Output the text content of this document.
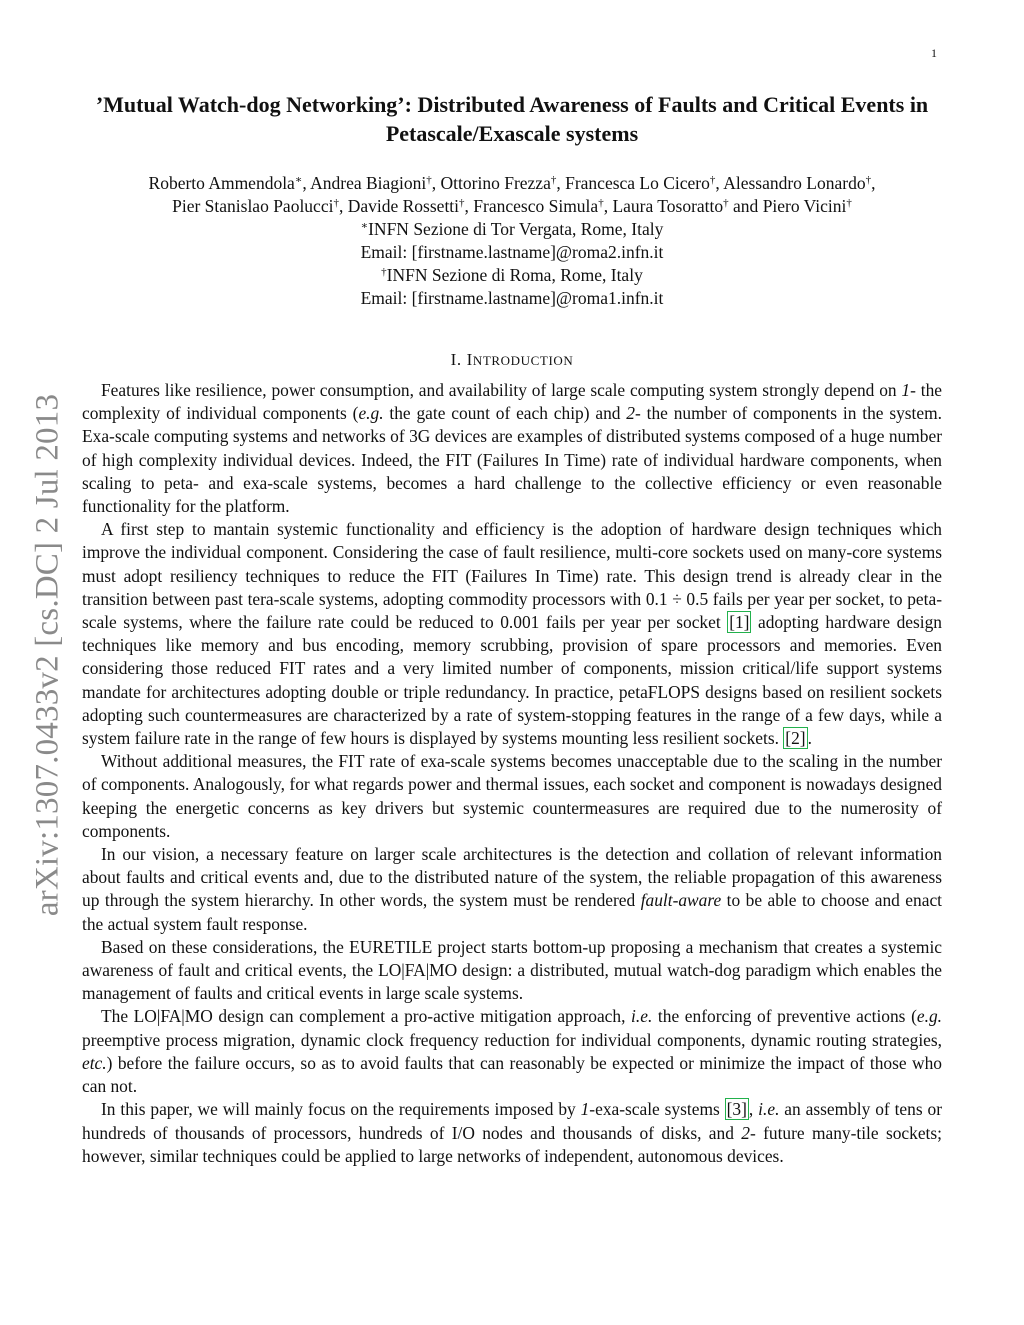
1
arXiv:1307.0433v2 [cs.DC] 2 Jul 2013
’Mutual Watch-dog Networking’: Distributed Awareness of Faults and Critical Events in Petascale/Exascale systems
Roberto Ammendola∗, Andrea Biagioni†, Ottorino Frezza†, Francesca Lo Cicero†, Alessandro Lonardo†,
Pier Stanislao Paolucci†, Davide Rossetti†, Francesco Simula†, Laura Tosoratto† and Piero Vicini†
∗INFN Sezione di Tor Vergata, Rome, Italy
Email: [firstname.lastname]@roma2.infn.it
†INFN Sezione di Roma, Rome, Italy
Email: [firstname.lastname]@roma1.infn.it
I. INTRODUCTION

Features like resilience, power consumption, and availability of large scale computing system strongly depend on 1- the complexity of individual components (e.g. the gate count of each chip) and 2- the number of components in the system. Exa-scale computing systems and networks of 3G devices are examples of distributed systems composed of a huge number of high complexity individual devices. Indeed, the FIT (Failures In Time) rate of individual hardware components, when scaling to peta- and exa-scale systems, becomes a hard challenge to the collective efficiency or even reasonable functionality for the platform.

A first step to mantain systemic functionality and efficiency is the adoption of hardware design techniques which improve the individual component. Considering the case of fault resilience, multi-core sockets used on many-core systems must adopt resiliency techniques to reduce the FIT (Failures In Time) rate. This design trend is already clear in the transition between past tera-scale systems, adopting commodity processors with 0.1 ÷ 0.5 fails per year per socket, to peta-scale systems, where the failure rate could be reduced to 0.001 fails per year per socket [1] adopting hardware design techniques like memory and bus encoding, memory scrubbing, provision of spare processors and memories. Even considering those reduced FIT rates and a very limited number of components, mission critical/life support systems mandate for architectures adopting double or triple redundancy. In practice, petaFLOPS designs based on resilient sockets adopting such countermeasures are characterized by a rate of system-stopping features in the range of a few days, while a system failure rate in the range of few hours is displayed by systems mounting less resilient sockets. [2] .

Without additional measures, the FIT rate of exa-scale systems becomes unacceptable due to the scaling in the number of components. Analogously, for what regards power and thermal issues, each socket and component is nowadays designed keeping the energetic concerns as key drivers but systemic countermeasures are required due to the numerosity of components.

In our vision, a necessary feature on larger scale architectures is the detection and collation of relevant information about faults and critical events and, due to the distributed nature of the system, the reliable propagation of this awareness up through the system hierarchy. In other words, the system must be rendered fault-aware to be able to choose and enact the actual system fault response.

Based on these considerations, the EURETILE project starts bottom-up proposing a mechanism that creates a systemic awareness of fault and critical events, the LO|FA|MO design: a distributed, mutual watch-dog paradigm which enables the management of faults and critical events in large scale systems.

The LO|FA|MO design can complement a pro-active mitigation approach, i.e. the enforcing of preventive actions (e.g. preemptive process migration, dynamic clock frequency reduction for individual components, dynamic routing strategies, etc.) before the failure occurs, so as to avoid faults that can reasonably be expected or minimize the impact of those who can not.

In this paper, we will mainly focus on the requirements imposed by 1-exa-scale systems [3] , i.e. an assembly of tens or hundreds of thousands of processors, hundreds of I/O nodes and thousands of disks, and 2- future many-tile sockets; however, similar techniques could be applied to large networks of independent, autonomous devices.
